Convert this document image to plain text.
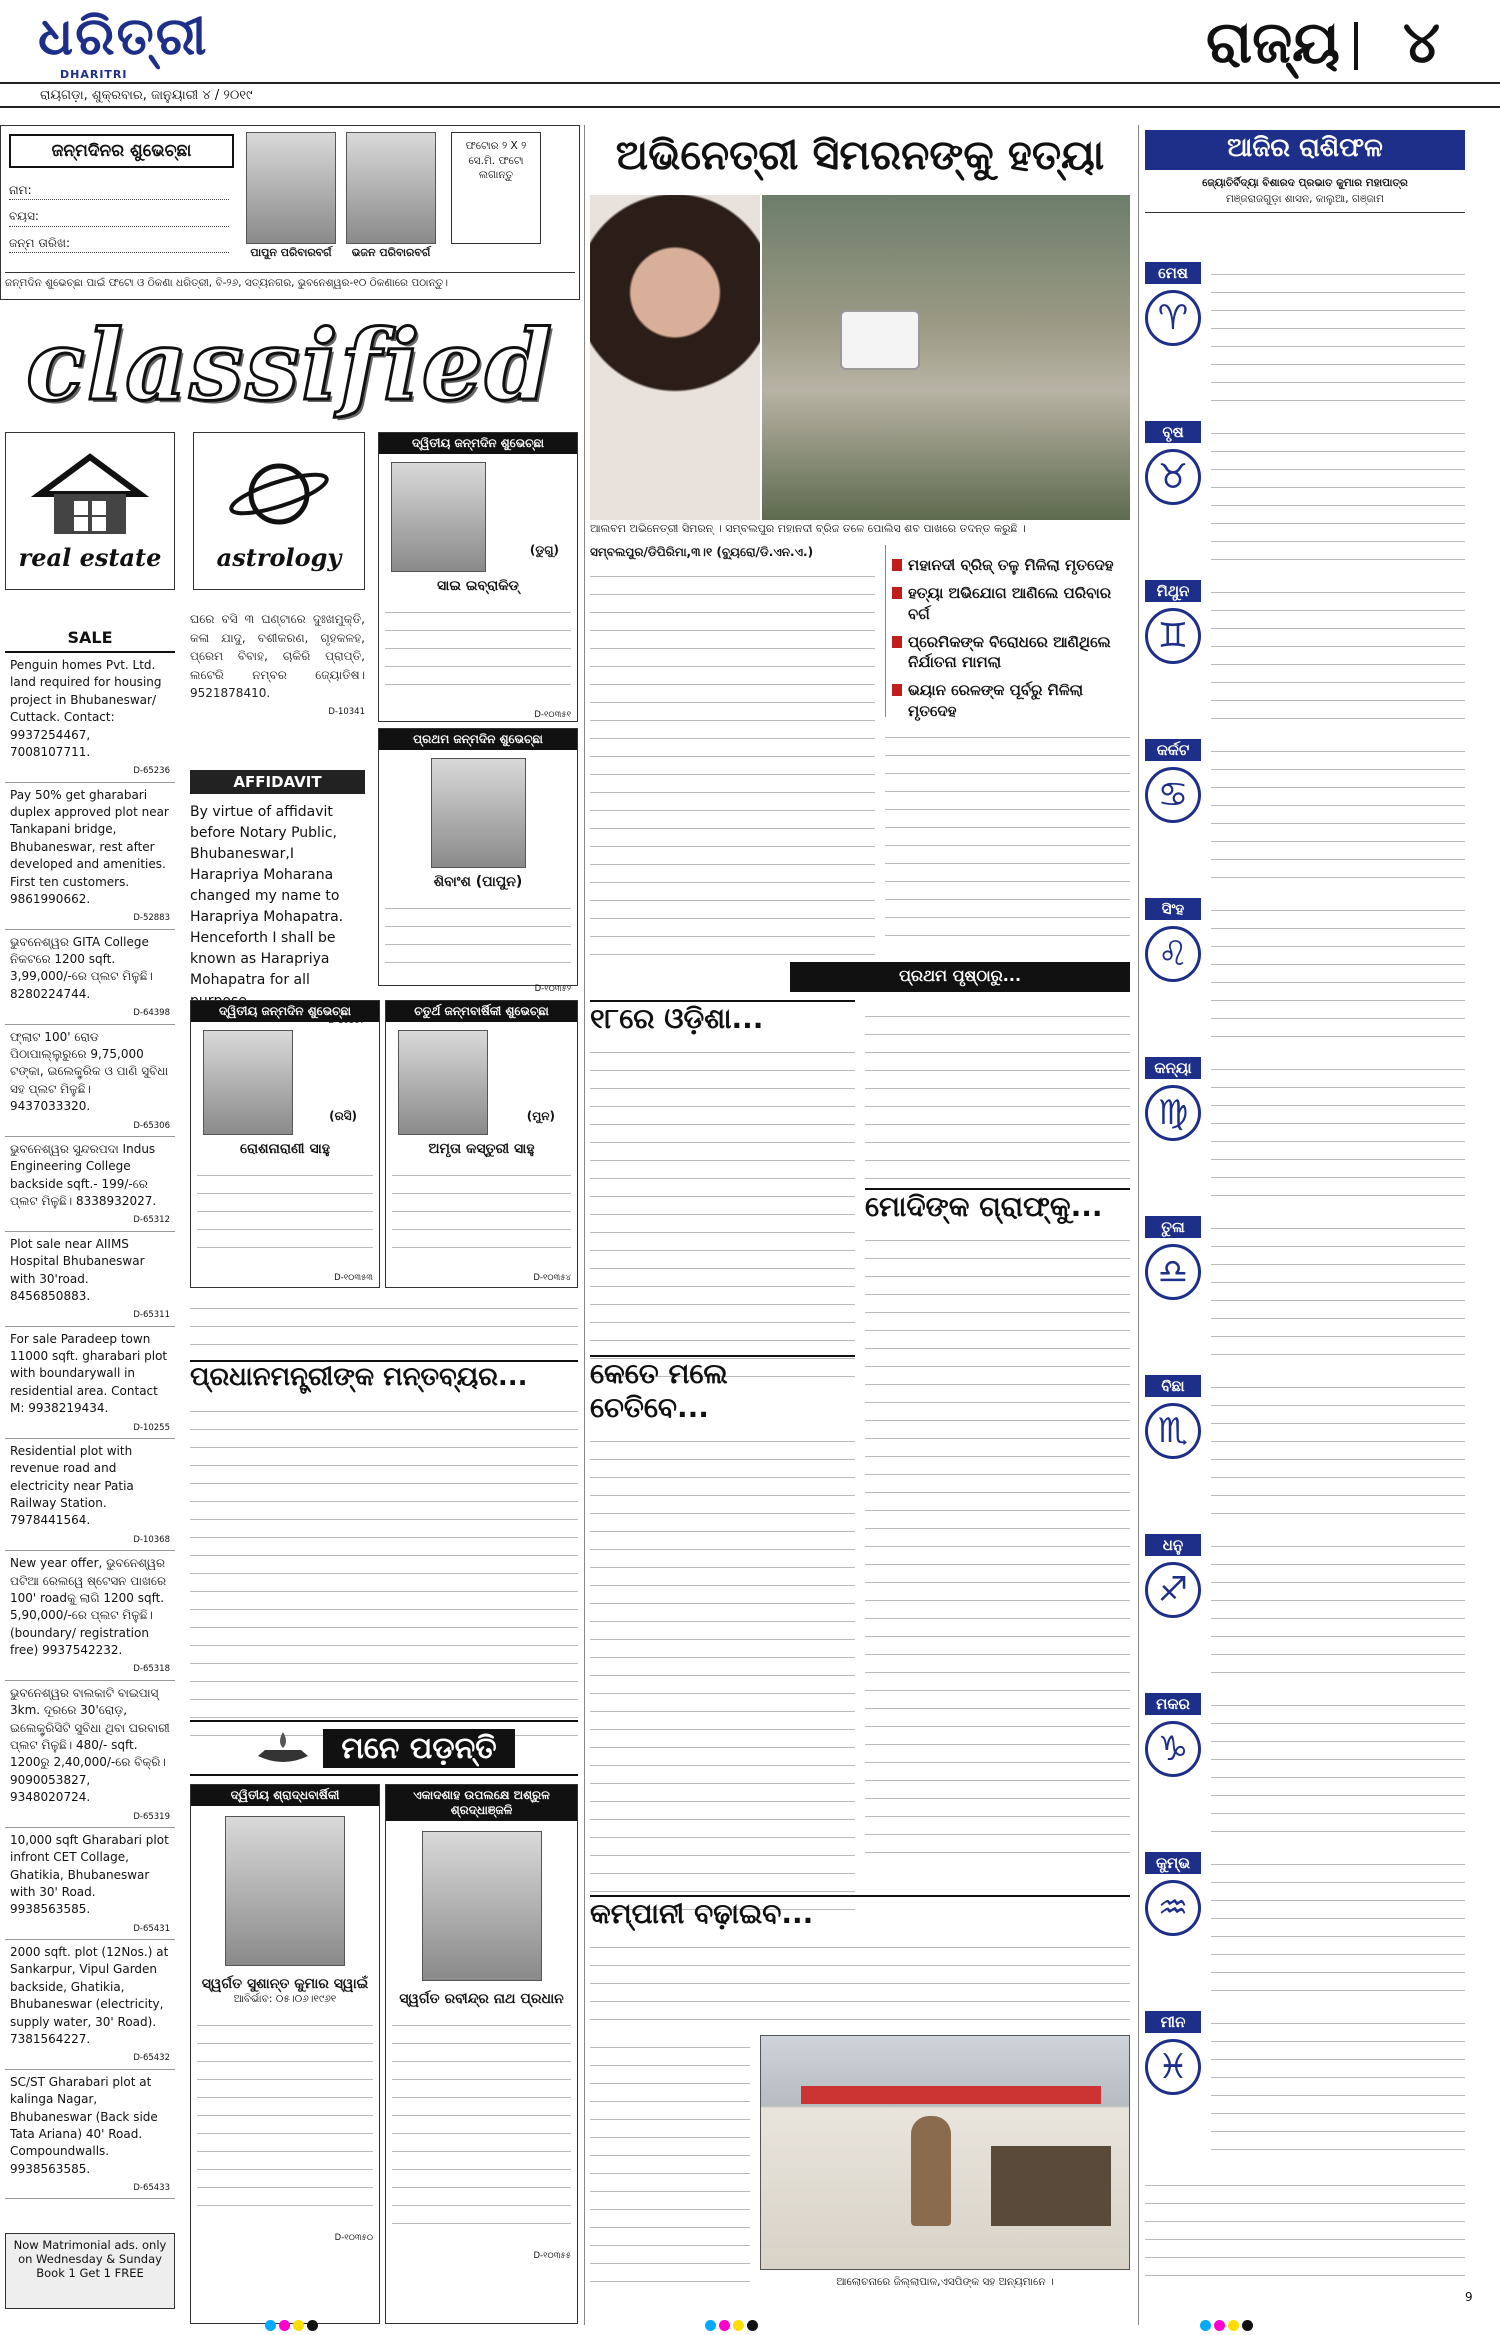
ଧରିତ୍ରୀ
DHARITRI
ରାୟଗଡ଼ା, ଶୁକ୍ରବାର, ଜାନୁୟାରୀ ୪ / ୨୦୧୯
ରାଜ୍ୟ ୪
ଜନ୍ମଦିନର ଶୁଭେଚ୍ଛା
ନାମ:
ବୟସ:
ଜନ୍ମ ତାରିଖ:
ପାପୁନ ପରିବାରବର୍ଗ	ଭଜନ ପରିବାରବର୍ଗ
ଫଟୋର ୨ X ୨ ସେ.ମି. ଫଟୋ ଲଗାନ୍ତୁ
ଜନ୍ମଦିନ ଶୁଭେଚ୍ଛା ପାଇଁ ଫଟୋ ଓ ଠିକଣା ଧରିତ୍ରୀ, ବି-୨୬, ସତ୍ୟନଗର, ଭୁବନେଶ୍ୱର-୧୦ ଠିକଣାରେ ପଠାନ୍ତୁ।
classified
real estate	astrology
SALE
Penguin homes Pvt. Ltd. land required for housing project in Bhubaneswar/ Cuttack. Contact: 9937254467, 7008107711.
D-65236
Pay 50% get gharabari duplex approved plot near Tankapani bridge, Bhubaneswar, rest after developed and amenities. First ten customers. 9861990662.
D-52883
ଭୁବନେଶ୍ୱର GITA College ନିକଟରେ 1200 sqft. 3,99,000/-ରେ ପ୍ଲଟ ମିଳୁଛି। 8280224744.
D-64398
ଫ୍ଲାଟ 100' ରୋଡ ପିଠାପାଲ୍ଲୁରୁରେ 9,75,000 ଟଙ୍କା, ଇଲେକ୍ଟ୍ରିକ ଓ ପାଣି ସୁବିଧା ସହ ପ୍ଲଟ ମିଳୁଛି। 9437033320.
D-65306
ଭୁବନେଶ୍ୱର ସୁନ୍ଦରପଦା Indus Engineering College backside sqft.- 199/-ରେ ପ୍ଲଟ ମିଳୁଛି। 8338932027.
D-65312
Plot sale near AIIMS Hospital Bhubaneswar with 30'road. 8456850883.
D-65311
For sale Paradeep town 11000 sqft. gharabari plot with boundarywall in residential area. Contact M: 9938219434.
D-10255
Residential plot with revenue road and electricity near Patia Railway Station. 7978441564.
D-10368
New year offer, ଭୁବନେଶ୍ୱର ପଟିଆ ରେଲୱେ ଷ୍ଟେସନ ପାଖରେ 100' roadକୁ ଲାଗି 1200 sqft. 5,90,000/-ରେ ପ୍ଲଟ ମିଳୁଛି। (boundary/ registration free) 9937542232.
D-65318
ଭୁବନେଶ୍ୱର ବାଲକାଟି ବାଇପାସ୍ 3km. ଦୂରରେ 30'ରୋଡ଼, ଇଲେକ୍ଟ୍ରିସିଟି ସୁବିଧା ଥିବା ଘରବାରୀ ପ୍ଲଟ ମିଳୁଛି। 480/- sqft. 1200ରୁ 2,40,000/-ରେ ବିକ୍ରି। 9090053827, 9348020724.
D-65319
10,000 sqft Gharabari plot infront CET Collage, Ghatikia, Bhubaneswar with 30' Road. 9938563585.
D-65431
2000 sqft. plot (12Nos.) at Sankarpur, Vipul Garden backside, Ghatikia, Bhubaneswar (electricity, supply water, 30' Road). 7381564227.
D-65432
SC/ST Gharabari plot at kalinga Nagar, Bhubaneswar (Back side Tata Ariana) 40' Road. Compoundwalls. 9938563585.
D-65433
Now Matrimonial ads. only on Wednesday & Sunday Book 1 Get 1 FREE
ଘରେ ବସି ୩ ଘଣ୍ଟାରେ ଦୁଃଖମୁକ୍ତି, କଳା ଯାଦୁ, ବଶୀକରଣ, ଗୃହକଳହ, ପ୍ରେମ ବିବାହ, ଚାକିରି ପ୍ରାପ୍ତି, ଲଟେରି ନମ୍ବର ଜ୍ୟୋତିଷ। 9521878410.
D-10341
AFFIDAVIT
By virtue of affidavit before Notary Public, Bhubaneswar,I Harapriya Moharana changed my name to Harapriya Mohapatra. Henceforth I shall be known as Harapriya Mohapatra for all
ଦ୍ୱିତୀୟ ଜନ୍ମଦିନ ଶୁଭେଚ୍ଛା
(ଡୁଗୁ)
ସାଇ ଇବ୍ରାକିଡ୍
D-୧୦୩୫୧
ପ୍ରଥମ ଜନ୍ମଦିନ ଶୁଭେଚ୍ଛା
ଶିବାଂଶ (ପାପୁନ)
D-୧୦୩୫୨
ଦ୍ୱିତୀୟ ଜନ୍ମଦିନ ଶୁଭେଚ୍ଛା
(ରସି)
ରୋଶନାରାଣୀ ସାହୁ
D-୧୦୩୫୩
ଚତୁର୍ଥ ଜନ୍ମବାର୍ଷିକୀ ଶୁଭେଚ୍ଛା
(ମୁନ)
ଅମୃତା କସ୍ତୁରୀ ସାହୁ
D-୧୦୩୫୪
ପ୍ରଧାନମନ୍ତ୍ରୀଙ୍କ ମନ୍ତବ୍ୟର...
ମନେ ପଡ଼ନ୍ତି
ଦ୍ୱିତୀୟ ଶ୍ରାଦ୍ଧବାର୍ଷିକୀ
ସ୍ୱର୍ଗତ ସୁଶାନ୍ତ କୁମାର ସ୍ୱାଇଁ
ଆବିର୍ଭାବ: ୦୫।୦୬।୧୯୬୧
D-୧୦୩୫୦
ଏକାଦଶାହ ଉପଲକ୍ଷେ ଅଶ୍ରୁଳ ଶ୍ରଦ୍ଧାଞ୍ଜଳି
ସ୍ୱର୍ଗତ ରବୀନ୍ଦ୍ର ନାଥ ପ୍ରଧାନ
D-୧୦୩୫୫
ଅଭିନେତ୍ରୀ ସିମରନଙ୍କୁ ହତ୍ୟା
ଆଲବମ ଅଭିନେତ୍ରୀ ସିମରନ୍ । ସମ୍ବଲପୁର ମହାନଦୀ ବ୍ରିଜ ତଳେ ପୋଲିସ ଶବ ପାଖରେ ତଦନ୍ତ କରୁଛି ।
ସମ୍ବଲପୁର/ଡିପିରିମା,୩।୧ (ବ୍ୟୁରୋ/ଡି.ଏନ.ଏ.)
ମହାନଦୀ ବ୍ରିଜ୍ ତଳୁ ମିଳିଲା ମୃତଦେହ
ହତ୍ୟା ଅଭିଯୋଗ ଆଣିଲେ ପରିବାର ବର୍ଗ
ପ୍ରେମିକଙ୍କ ବିରୋଧରେ ଆଣିଥିଲେ ନିର୍ଯାତନା ମାମଲା
ଭୟାନ ରେଳଙ୍କ ପୂର୍ବରୁ ମିଳିଲା ମୃତଦେହ
ପ୍ରଥମ ପୃଷ୍ଠାରୁ...
୧୮ରେ ଓଡ଼ିଶା...
ମୋଦିଙ୍କ ଗ୍ରାଫ୍‌କୁ...
କେତେ ମଲେ ଚେତିବେ...
କମ୍ପାନୀ ବଢ଼ାଇବ...
ଆଲୋଚନାରେ ଜିଲ୍ଲାପାଳ,ଏସପିଙ୍କ ସହ ଅନ୍ୟମାନେ ।
ଆଜିର ରାଶିଫଳ
ଜ୍ୟୋତିର୍ବିଦ୍ୟା ବିଶାରଦ ପ୍ରଭାତ କୁମାର ମହାପାତ୍ର
ମଞ୍ଜରାଜଗୁଡ଼ା ଶାସନ, କାଲୁଆ, ଗଞ୍ଜାମ
ମେଷ
♈
ବୃଷ
♉
ମିଥୁନ
♊
କର୍କଟ
♋
ସିଂହ
♌
କନ୍ୟା
♍
ତୁଳା
♎
ବିଛା
♏
ଧନୁ
♐
ମକର
♑
କୁମ୍ଭ
♒
ମୀନ
♓
9
